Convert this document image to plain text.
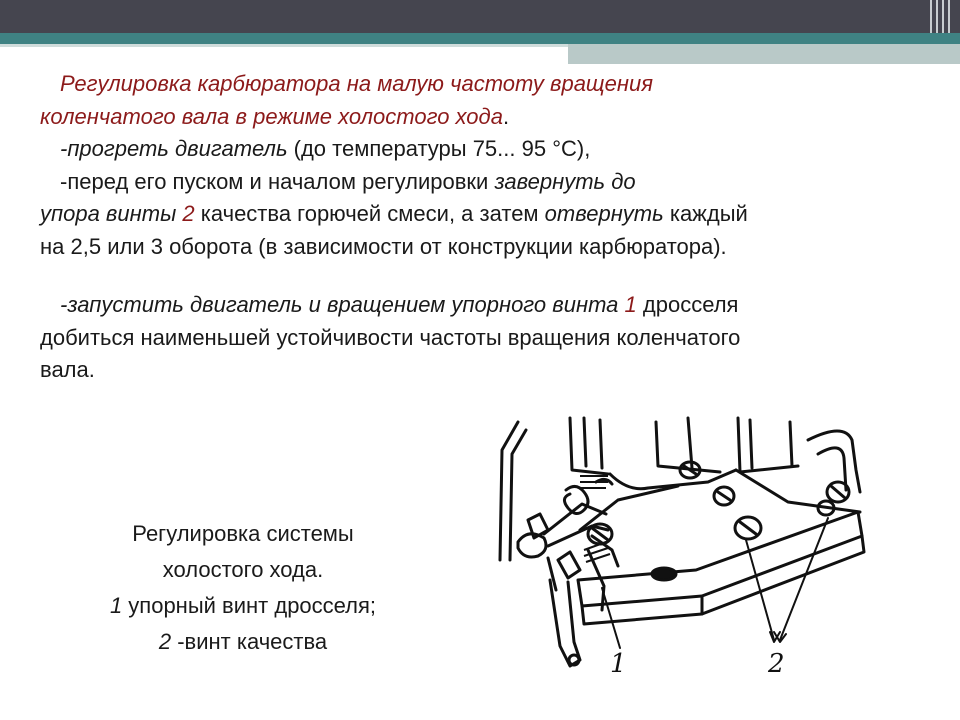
Регулировка карбюратора на малую частоту вращения

коленчатого вала в режиме холостого хода.

-прогреть двигатель (до температуры 75... 95 °С),

-перед его пуском и началом регулировки завернуть до

упора винты 2 качества горючей смеси, а затем отвернуть каждый

на 2,5 или 3 оборота (в зависимости от конструкции карбюратора).

-запустить двигатель и вращением упорного винта 1 дросселя

добиться наименьшей устойчивости частоты вращения коленчатого

вала.

Регулировка системы

холостого хода.

1 упорный винт дросселя;

2 -винт качества

1	2
